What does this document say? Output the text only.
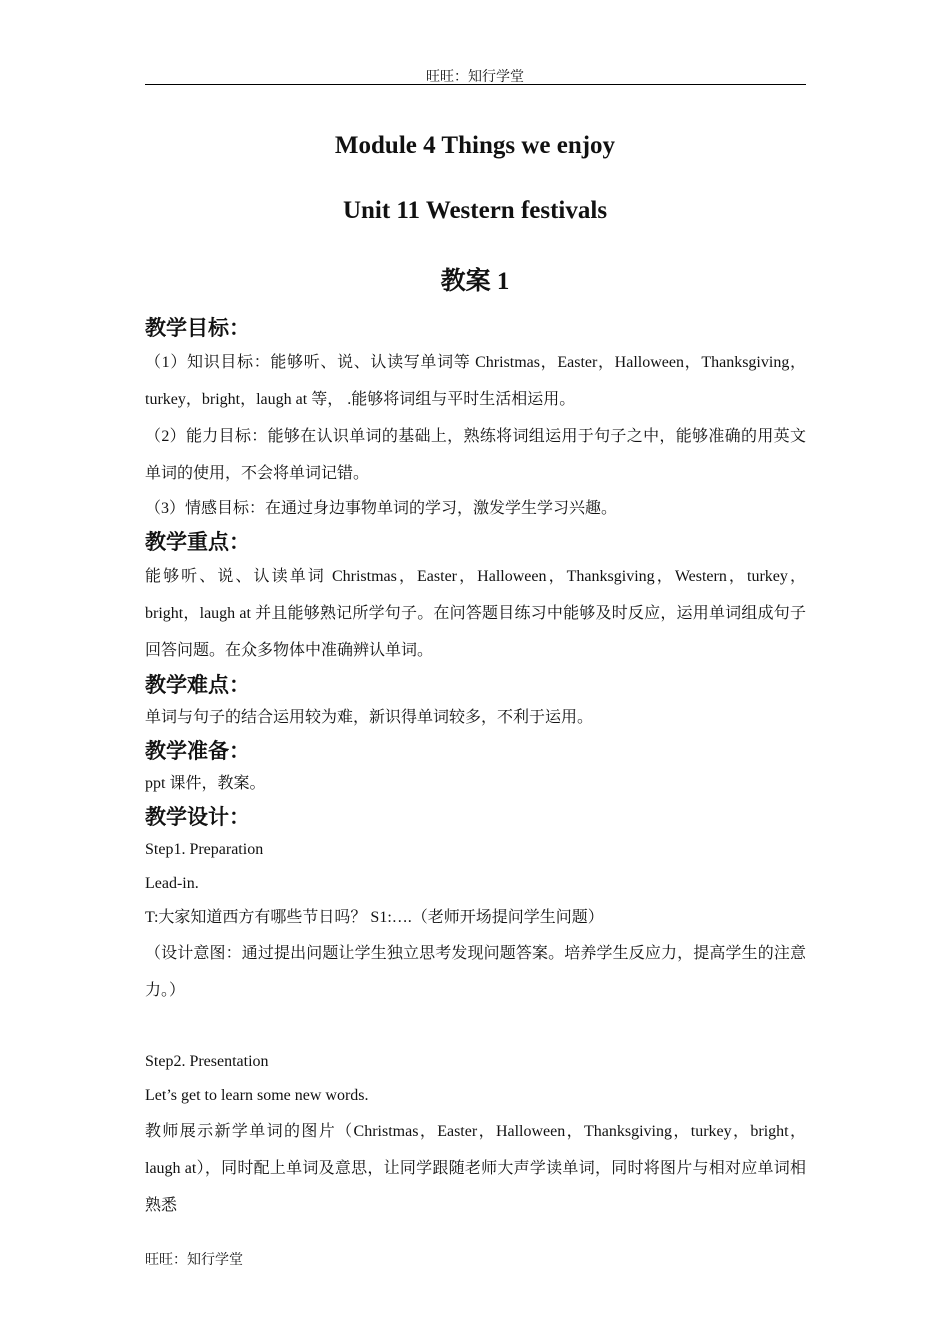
旺旺：知行学堂
Module 4 Things we enjoy
Unit 11 Western festivals
教案 1

教学目标：

（1）知识目标：能够听、说、认读写单词等 Christmas，Easter，Halloween，Thanksgiving，turkey，bright，laugh at 等， .能够将词组与平时生活相运用。

（2）能力目标：能够在认识单词的基础上，熟练将词组运用于句子之中，能够准确的用英文单词的使用，不会将单词记错。

（3）情感目标：在通过身边事物单词的学习，激发学生学习兴趣。

教学重点：

能够听、说、认读单词 Christmas，Easter，Halloween，Thanksgiving，Western，turkey，bright，laugh at 并且能够熟记所学句子。在问答题目练习中能够及时反应，运用单词组成句子回答问题。在众多物体中准确辨认单词。

教学难点：

单词与句子的结合运用较为难，新识得单词较多，不利于运用。

教学准备：

ppt 课件，教案。

教学设计：

Step1. Preparation

Lead-in.

T:大家知道西方有哪些节日吗？ S1:….（老师开场提问学生问题）

（设计意图：通过提出问题让学生独立思考发现问题答案。培养学生反应力，提高学生的注意力。）

Step2. Presentation

Let’s get to learn some new words.

教师展示新学单词的图片（Christmas，Easter，Halloween，Thanksgiving，turkey，bright，laugh at），同时配上单词及意思，让同学跟随老师大声学读单词，同时将图片与相对应单词相熟悉

旺旺：知行学堂
